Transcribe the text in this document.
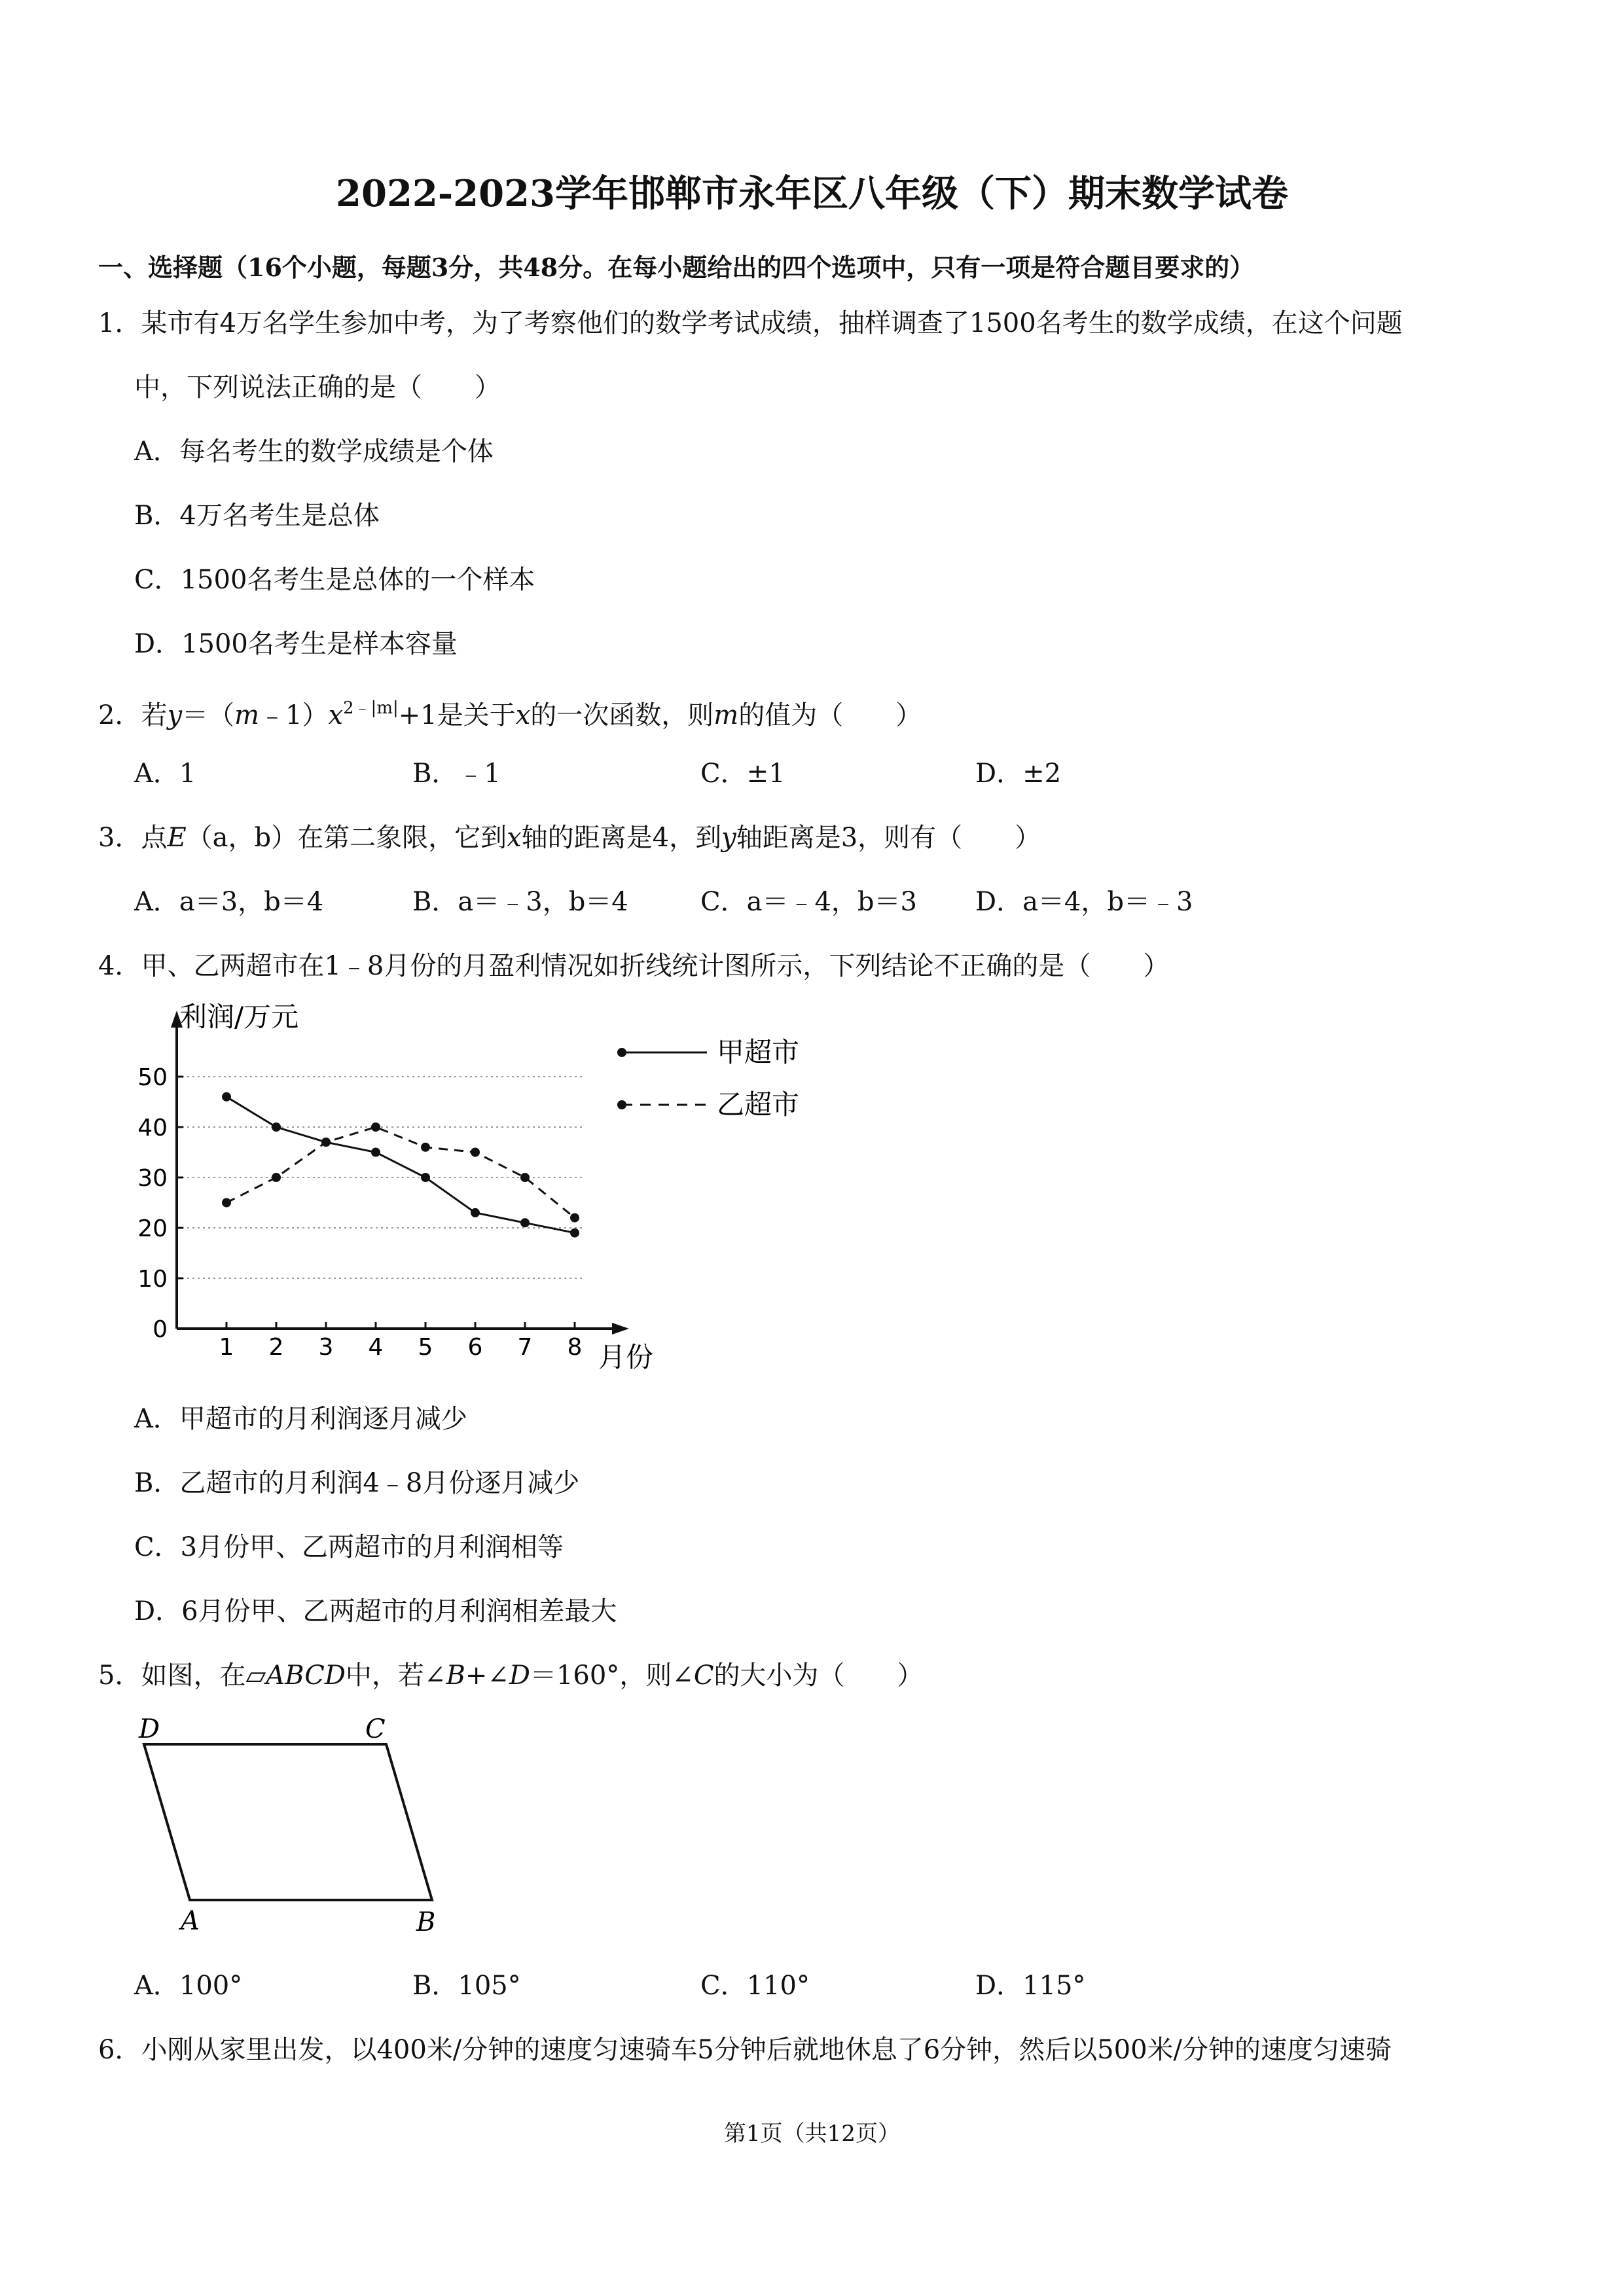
2022-2023学年邯郸市永年区八年级（下）期末数学试卷
一、选择题（16个小题，每题3分，共48分。在每小题给出的四个选项中，只有一项是符合题目要求的）
1．某市有4万名学生参加中考，为了考察他们的数学考试成绩，抽样调查了1500名考生的数学成绩，在这个问题
中，下列说法正确的是（　　）
A．每名考生的数学成绩是个体
B．4万名考生是总体
C．1500名考生是总体的一个样本
D．1500名考生是样本容量
2．若$y=(m﹣1)x^{2﹣|m|}+1$是关于x的一次函数，则m的值为（　　）
A．1	B．﹣1	C．±1	D．±2
3．点E（a，b）在第二象限，它到x轴的距离是4，到y轴距离是3，则有（　　）
A．a＝3，b＝4	B．a＝﹣3，b＝4	C．a＝﹣4，b＝3 D．a＝4，b＝﹣3
4．甲、乙两超市在1﹣8月份的月盈利情况如折线统计图所示，下列结论不正确的是（　　）
0
10
20
30
40
50
1 2 3 4 5 6 7 8
利润/万元
月份
甲超市
乙超市
A．甲超市的月利润逐月减少
B．乙超市的月利润4﹣8月份逐月减少
C．3月份甲、乙两超市的月利润相等
D．6月份甲、乙两超市的月利润相差最大
5．如图，在▱ABCD中，若∠B+∠D＝160°，则∠C的大小为（　　）
D	C
A	B
A．100°	B．105°	C．110°	D．115°
6．小刚从家里出发，以400米/分钟的速度匀速骑车5分钟后就地休息了6分钟，然后以500米/分钟的速度匀速骑
第1页（共12页）
